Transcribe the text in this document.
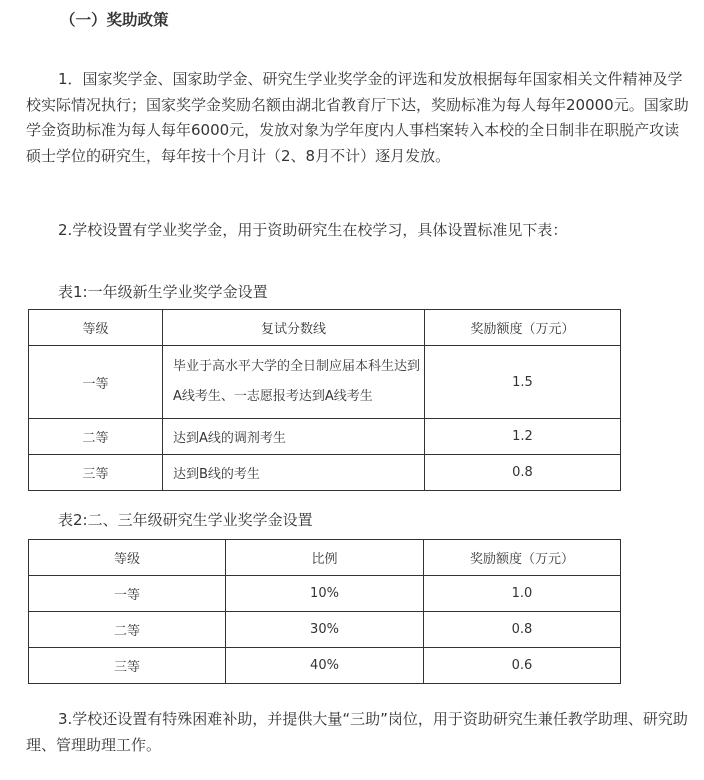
（一）奖助政策

1．国家奖学金、国家助学金、研究生学业奖学金的评选和发放根据每年国家相关文件精神及学校实际情况执行；国家奖学金奖励名额由湖北省教育厅下达，奖励标准为每人每年20000元。国家助学金资助标准为每人每年6000元，发放对象为学年度内人事档案转入本校的全日制非在职脱产攻读硕士学位的研究生，每年按十个月计（2、8月不计）逐月发放。

2.学校设置有学业奖学金，用于资助研究生在校学习，具体设置标准见下表：

表1:一年级新生学业奖学金设置

等级	复试分数线	奖励额度（万元）
一等	毕业于高水平大学的全日制应届本科生达到A线考生、一志愿报考达到A线考生	1.5
二等	达到A线的调剂考生	1.2
三等	达到B线的考生	0.8

表2:二、三年级研究生学业奖学金设置

等级	比例	奖励额度（万元）
一等	10%	1.0
二等	30%	0.8
三等	40%	0.6

3.学校还设置有特殊困难补助，并提供大量“三助”岗位，用于资助研究生兼任教学助理、研究助理、管理助理工作。
